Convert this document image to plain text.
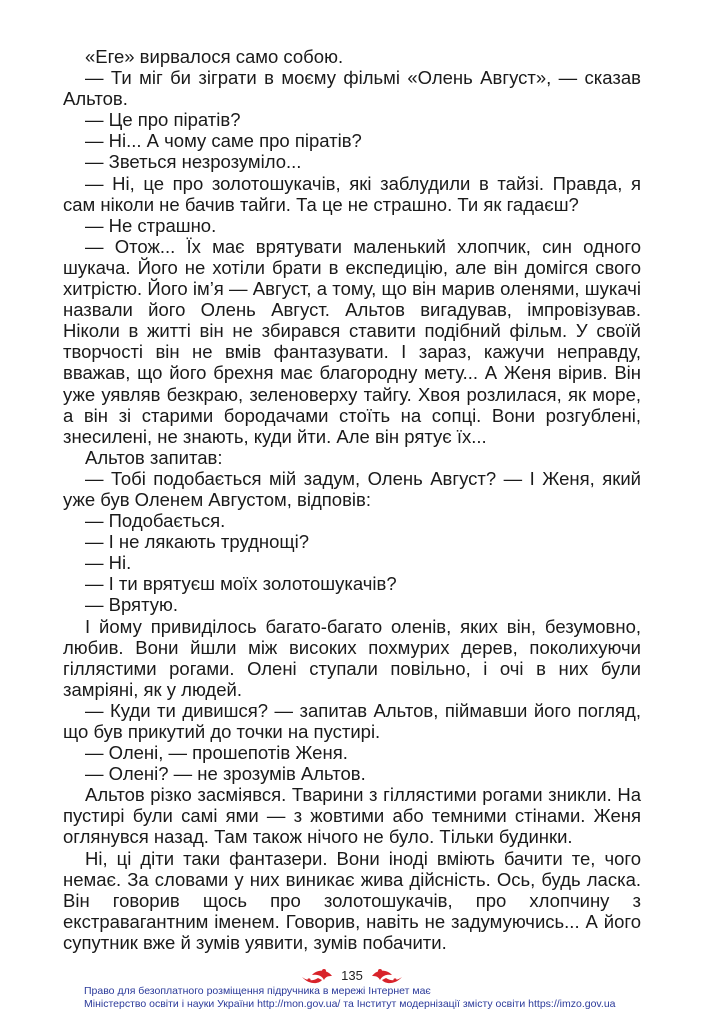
«Еге» вирвалося само собою.

— Ти міг би зіграти в моєму фільмі «Олень Август», — сказав Альтов.

— Це про піратів?

— Ні... А чому саме про піратів?

— Зветься незрозуміло...

— Ні, це про золотошукачів, які заблудили в тайзі. Правда, я сам ніколи не бачив тайги. Та це не страшно. Ти як гадаєш?

— Не страшно.

— Отож... Їх має врятувати маленький хлопчик, син одного шукача. Його не хотіли брати в експедицію, але він домігся свого хитрістю. Його ім’я — Август, а тому, що він марив оленями, шукачі назвали його Олень Август. Альтов вигадував, імпровізував. Ніколи в житті він не збирався ставити подібний фільм. У своїй творчості він не вмів фантазувати. І зараз, кажучи неправду, вважав, що його брехня має благородну мету... А Женя вірив. Він уже уявляв безкраю, зеленоверху тайгу. Хвоя розлилася, як море, а він зі старими бородачами стоїть на сопці. Вони розгублені, знесилені, не знають, куди йти. Але він рятує їх...

Альтов запитав:

— Тобі подобається мій задум, Олень Август? — І Женя, який уже був Оленем Августом, відповів:

— Подобається.

— І не лякають труднощі?

— Ні.

— І ти врятуєш моїх золотошукачів?

— Врятую.

І йому привиділось багато-багато оленів, яких він, безумовно, любив. Вони йшли між високих похмурих дерев, поколихуючи гіллястими рогами. Олені ступали повільно, і очі в них були замріяні, як у людей.

— Куди ти дивишся? — запитав Альтов, піймавши його погляд, що був прикутий до точки на пустирі.

— Олені, — прошепотів Женя.

— Олені? — не зрозумів Альтов.

Альтов різко засміявся. Тварини з гіллястими рогами зникли. На пустирі були самі ями — з жовтими або темними стінами. Женя оглянувся назад. Там також нічого не було. Тільки будинки.

Ні, ці діти таки фантазери. Вони іноді вміють бачити те, чого немає. За словами у них виникає жива дійсність. Ось, будь ласка. Він говорив щось про золотошукачів, про хлопчину з екстравагантним іменем. Говорив, навіть не задумуючись... А його супутник вже й зумів уявити, зумів побачити.

135
Право для безоплатного розміщення підручника в мережі Інтернет має
Міністерство освіти і науки України http://mon.gov.ua/ та Інститут модернізації змісту освіти https://imzo.gov.ua
